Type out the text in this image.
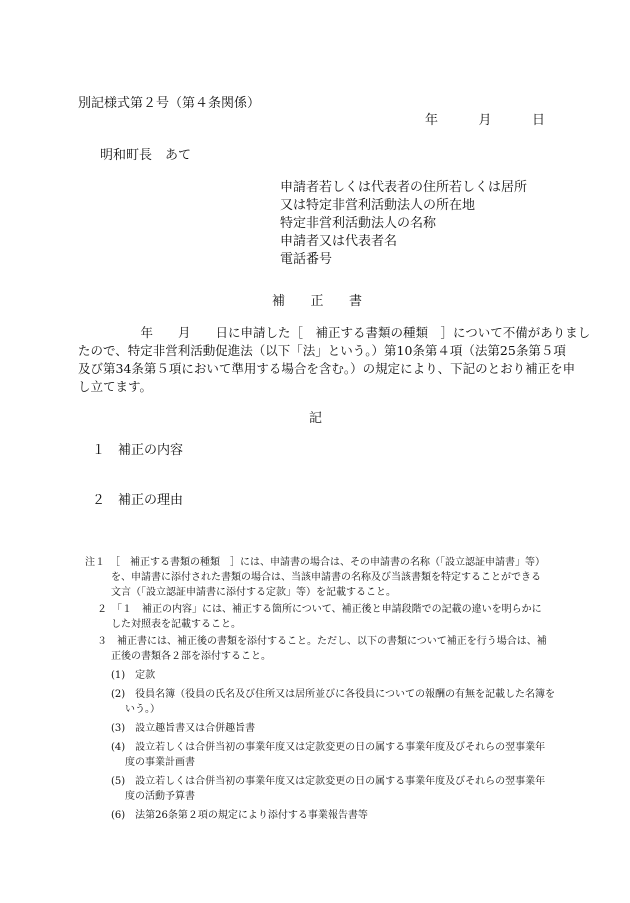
別記様式第２号（第４条関係）
年	月	日
明和町長　あて
申請者若しくは代表者の住所若しくは居所
又は特定非営利活動法人の所在地
特定非営利活動法人の名称
申請者又は代表者名
電話番号
補 正 書
　　　　　年　　月　　日に申請した［　補正する書類の種類　］について不備がありまし
たので、特定非営利活動促進法（以下「法」という。）第10条第４項（法第25条第５項
及び第34条第５項において準用する場合を含む。）の規定により、下記のとおり補正を申
し立てます。
記
１　補正の内容
２　補正の理由
注１　［　補正する書類の種類　］には、申請書の場合は、その申請書の名称（「設立認証申請書」等）
を、申請書に添付された書類の場合は、当該申請書の名称及び当該書類を特定することができる
文言（「設立認証申請書に添付する定款」等）を記載すること。
２　「１　補正の内容」には、補正する箇所について、補正後と申請段階での記載の違いを明らかに
した対照表を記載すること。
３　補正書には、補正後の書類を添付すること。ただし、以下の書類について補正を行う場合は、補
正後の書類各２部を添付すること。
(1)　定款
(2)　役員名簿（役員の氏名及び住所又は居所並びに各役員についての報酬の有無を記載した名簿を
いう。）
(3)　設立趣旨書又は合併趣旨書
(4)　設立若しくは合併当初の事業年度又は定款変更の日の属する事業年度及びそれらの翌事業年
度の事業計画書
(5)　設立若しくは合併当初の事業年度又は定款変更の日の属する事業年度及びそれらの翌事業年
度の活動予算書
(6)　法第26条第２項の規定により添付する事業報告書等
